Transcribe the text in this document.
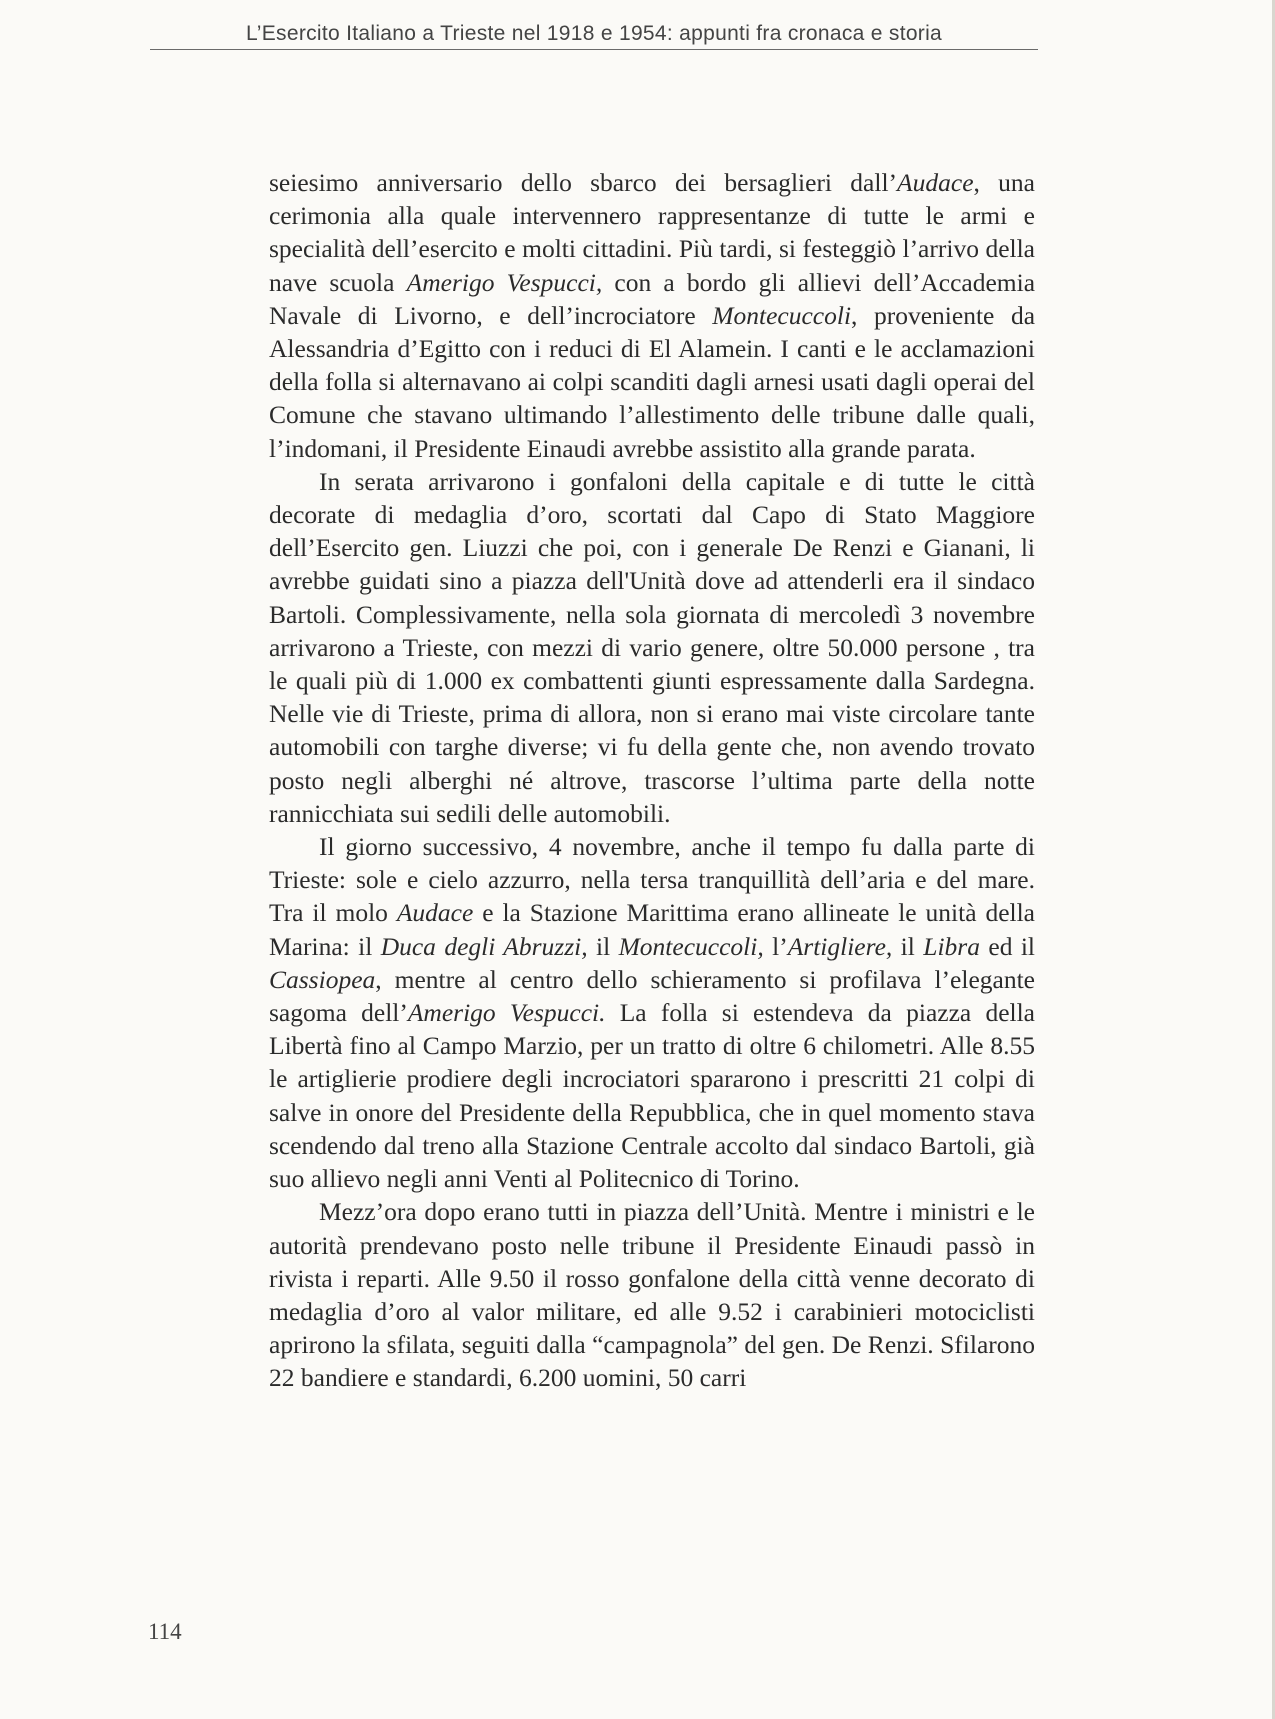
L’Esercito Italiano a Trieste nel 1918 e 1954: appunti fra cronaca e storia

seiesimo anniversario dello sbarco dei bersaglieri dall’Audace, una cerimonia alla quale intervennero rappresentanze di tutte le armi e specialità dell’esercito e molti cittadini. Più tardi, si festeggiò l’arrivo della nave scuola Amerigo Vespucci, con a bordo gli allievi dell’Accademia Navale di Livorno, e dell’incrociatore Montecuccoli, proveniente da Alessandria d’Egitto con i reduci di El Alamein. I canti e le acclamazioni della folla si alternavano ai colpi scanditi dagli arnesi usati dagli operai del Comune che stavano ultimando l’allestimento delle tribune dalle quali, l’indomani, il Presidente Einaudi avrebbe assistito alla grande parata.

In serata arrivarono i gonfaloni della capitale e di tutte le città decorate di medaglia d’oro, scortati dal Capo di Stato Maggiore dell’Esercito gen. Liuzzi che poi, con i generale De Renzi e Gianani, li avrebbe guidati sino a piazza dell'Unità dove ad attenderli era il sindaco Bartoli. Complessivamente, nella sola giornata di mercoledì 3 novembre arrivarono a Trieste, con mezzi di vario genere, oltre 50.000 persone , tra le quali più di 1.000 ex combattenti giunti espressamente dalla Sardegna. Nelle vie di Trieste, prima di allora, non si erano mai viste circolare tante automobili con targhe diverse; vi fu della gente che, non avendo trovato posto negli alberghi né altrove, trascorse l’ultima parte della notte rannicchiata sui sedili delle automobili.

Il giorno successivo, 4 novembre, anche il tempo fu dalla parte di Trieste: sole e cielo azzurro, nella tersa tranquillità dell’aria e del mare. Tra il molo Audace e la Stazione Marittima erano allineate le unità della Marina: il Duca degli Abruzzi, il Montecuccoli, l’Artigliere, il Libra ed il Cassiopea, mentre al centro dello schieramento si profilava l’elegante sagoma dell’Amerigo Vespucci. La folla si estendeva da piazza della Libertà fino al Campo Marzio, per un tratto di oltre 6 chilometri. Alle 8.55 le artiglierie prodiere degli incrociatori spararono i prescritti 21 colpi di salve in onore del Presidente della Repubblica, che in quel momento stava scendendo dal treno alla Stazione Centrale accolto dal sindaco Bartoli, già suo allievo negli anni Venti al Politecnico di Torino.

Mezz’ora dopo erano tutti in piazza dell’Unità. Mentre i ministri e le autorità prendevano posto nelle tribune il Presidente Einaudi passò in rivista i reparti. Alle 9.50 il rosso gonfalone della città venne decorato di medaglia d’oro al valor militare, ed alle 9.52 i carabinieri motociclisti aprirono la sfilata, seguiti dalla “campagnola” del gen. De Renzi. Sfilarono 22 bandiere e standardi, 6.200 uomini, 50 carri

114
